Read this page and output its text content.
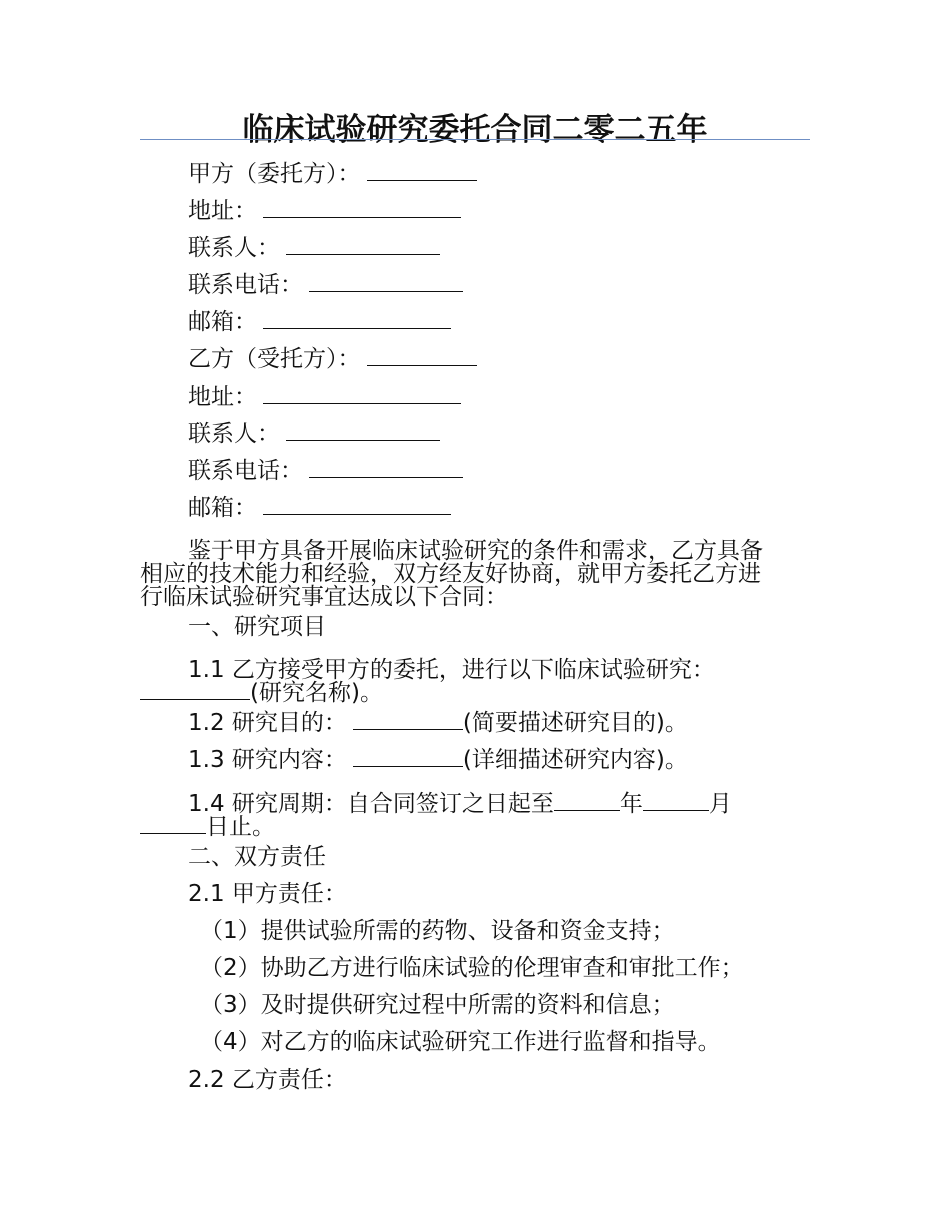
临床试验研究委托合同二零二五年
甲方（委托方）：
地址：
联系人：
联系电话：
邮箱：
乙方（受托方）：
地址：
联系人：
联系电话：
邮箱：
鉴于甲方具备开展临床试验研究的条件和需求，乙方具备
相应的技术能力和经验，双方经友好协商，就甲方委托乙方进
行临床试验研究事宜达成以下合同：
一、研究项目
1.1 乙方接受甲方的委托，进行以下临床试验研究：
(研究名称)。
1.2 研究目的：	(简要描述研究目的)。
1.3 研究内容：	(详细描述研究内容)。
1.4 研究周期：自合同签订之日起至	年	月
日止。
二、双方责任
2.1 甲方责任：
（1）提供试验所需的药物、设备和资金支持；
（2）协助乙方进行临床试验的伦理审查和审批工作；
（3）及时提供研究过程中所需的资料和信息；
（4）对乙方的临床试验研究工作进行监督和指导。
2.2 乙方责任：
